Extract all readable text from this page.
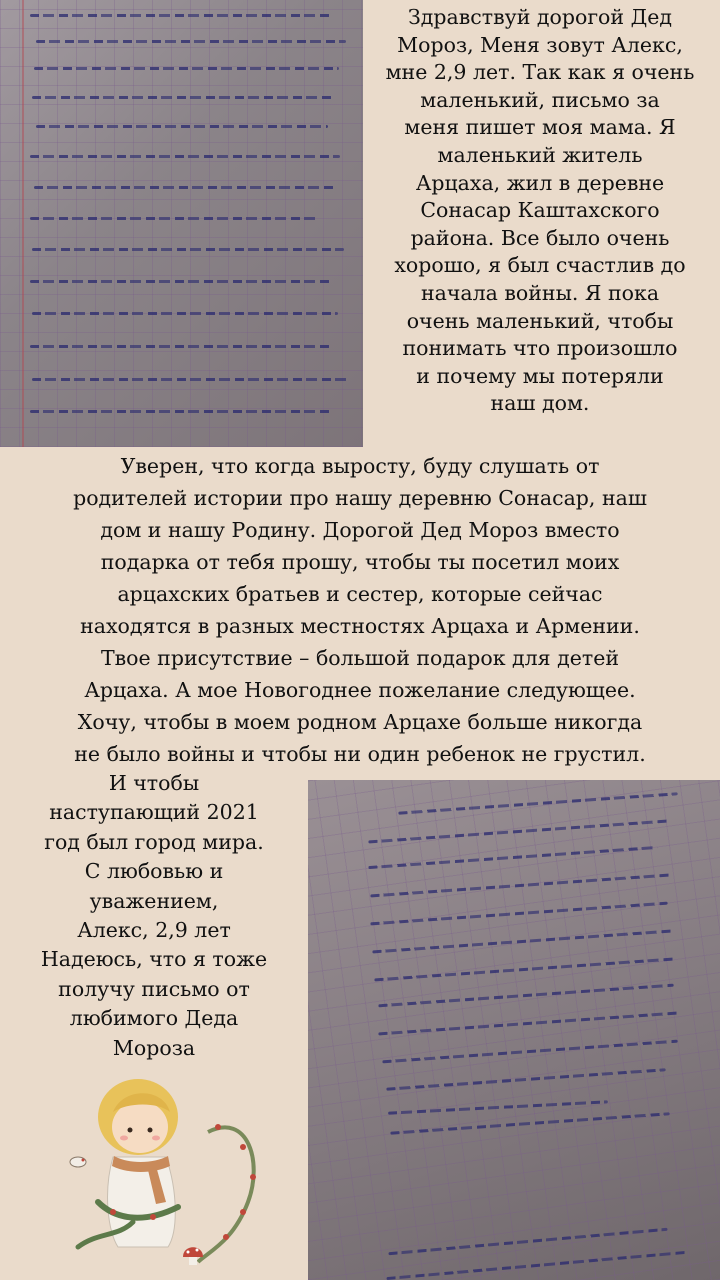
Здравствуй дорогой Дед
Мороз, Меня зовут Алекс,
мне 2,9 лет. Так как я очень
маленький, письмо за
меня пишет моя мама. Я
маленький житель
Арцаха, жил в деревне
Сонасар Каштахского
района. Все было очень
хорошо, я был счастлив до
начала войны. Я пока
очень маленький, чтобы
понимать что произошло
и почему мы потеряли
наш дом.
Уверен, что когда выросту, буду слушать от
родителей истории про нашу деревню Сонасар, наш
дом и нашу Родину. Дорогой Дед Мороз вместо
подарка от тебя прошу, чтобы ты посетил моих
арцахских братьев и сестер, которые сейчас
находятся в разных местностях Арцаха и Армении.
Твое присутствие – большой подарок для детей
Арцаха. А мое Новогоднее пожелание следующее.
Хочу, чтобы в моем родном Арцахе больше никогда
не было войны и чтобы ни один ребенок не грустил.
И чтобы
наступающий 2021
год был город мира.
С любовью и
уважением,
Алекс, 2,9 лет
Надеюсь, что я тоже
получу письмо от
любимого Деда
Мороза
